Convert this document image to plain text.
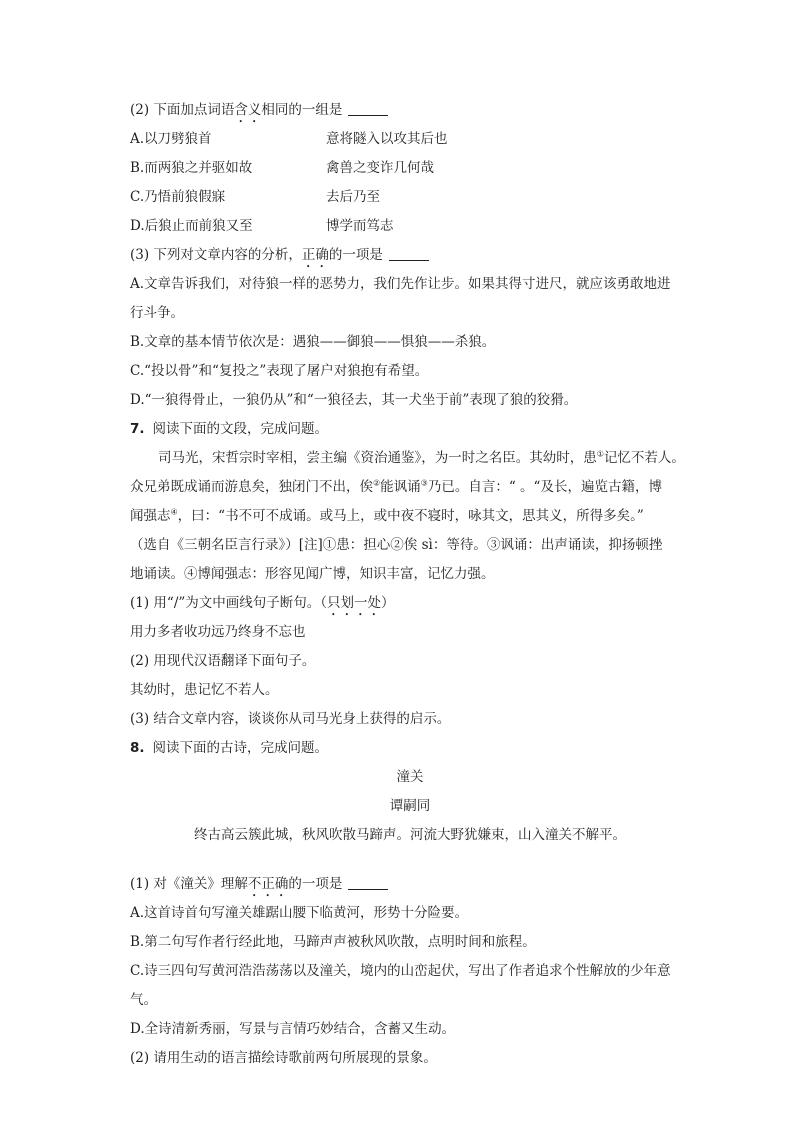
(2) 下面加点词语含义相同的一组是
A.以刀劈狼首	意将隧入以攻其后也
B.而两狼之并驱如故	禽兽之变诈几何哉
C.乃悟前狼假寐	去后乃至
D.后狼止而前狼又至	博学而笃志
(3) 下列对文章内容的分析，正确的一项是
A.文章告诉我们，对待狼一样的恶势力，我们先作让步。如果其得寸进尺，就应该勇敢地进
行斗争。
B.文章的基本情节依次是：遇狼——御狼——惧狼——杀狼。
C.“投以骨”和“复投之”表现了屠户对狼抱有希望。
D.“一狼得骨止，一狼仍从”和“一狼径去，其一犬坐于前”表现了狼的狡猾。
7. 阅读下面的文段，完成问题。
司马光，宋哲宗时宰相，尝主编《资治通鉴》，为一时之名臣。其幼时，患①记忆不若人。
众兄弟既成诵而游息矣，独闭门不出，俟②能讽诵③乃已。自言：“ 。“及长，遍览古籍，博
闻强志④，曰：“书不可不成诵。或马上，或中夜不寝时，咏其文，思其义，所得多矣。”
（选自《三朝名臣言行录》）[注]①患：担心②俟 sì：等待。③讽诵：出声诵读，抑扬顿挫
地诵读。④博闻强志：形容见闻广博，知识丰富，记忆力强。
(1) 用“/”为文中画线句子断句。（只划一处）
用力多者收功远乃终身不忘也
(2) 用现代汉语翻译下面句子。
其幼时，患记忆不若人。
(3) 结合文章内容，谈谈你从司马光身上获得的启示。
8. 阅读下面的古诗，完成问题。
潼关
谭嗣同
终古高云簇此城，秋风吹散马蹄声。河流大野犹嫌束，山入潼关不解平。
(1) 对《潼关》理解不正确的一项是
A.这首诗首句写潼关雄踞山腰下临黄河，形势十分险要。
B.第二句写作者行经此地，马蹄声声被秋风吹散，点明时间和旅程。
C.诗三四句写黄河浩浩荡荡以及潼关，境内的山峦起伏，写出了作者追求个性解放的少年意
气。
D.全诗清新秀丽，写景与言情巧妙结合，含蓄又生动。
(2) 请用生动的语言描绘诗歌前两句所展现的景象。
